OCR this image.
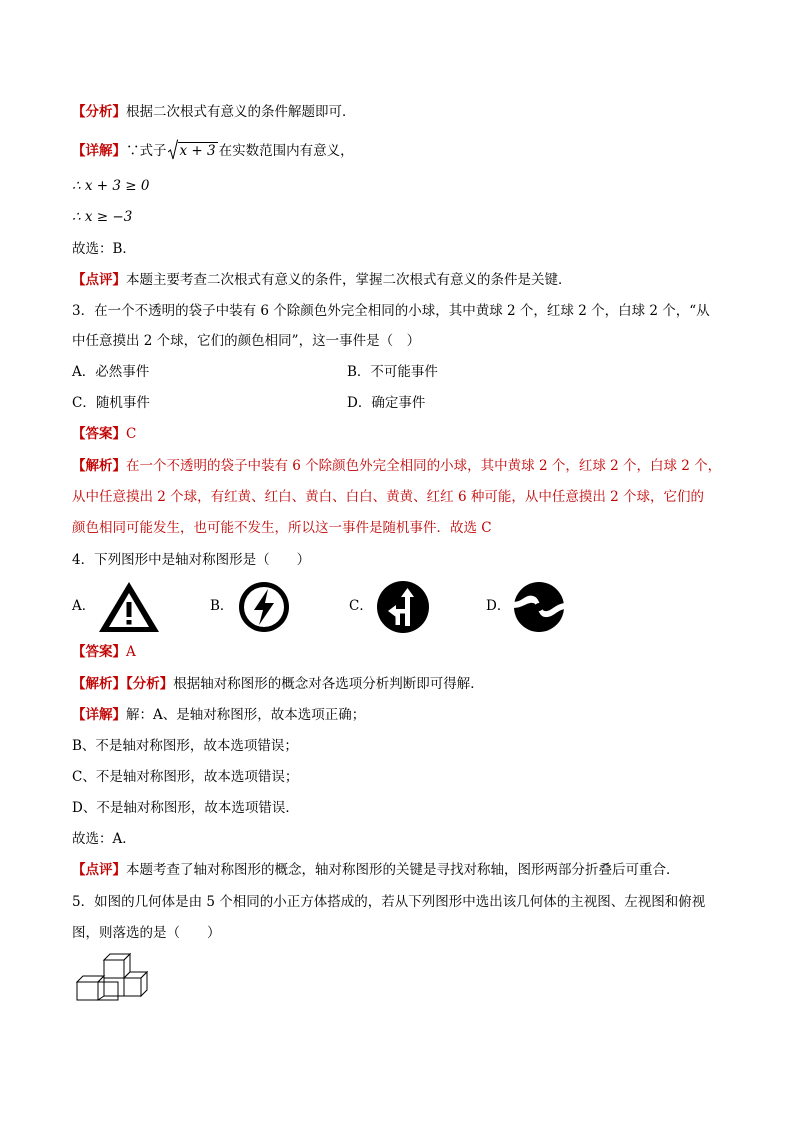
【分析】根据二次根式有意义的条件解题即可．
【详解】∵式子 x + 3 在实数范围内有意义，
∴ x + 3 ≥ 0
∴ x ≥ −3
故选：B．
【点评】本题主要考查二次根式有意义的条件，掌握二次根式有意义的条件是关键．
3．在一个不透明的袋子中装有 6 个除颜色外完全相同的小球，其中黄球 2 个，红球 2 个，白球 2 个，“从
中任意摸出 2 个球，它们的颜色相同”，这一事件是（　）
A．必然事件	B．不可能事件
C．随机事件	D．确定事件
【答案】C
【解析】在一个不透明的袋子中装有 6 个除颜色外完全相同的小球，其中黄球 2 个，红球 2 个，白球 2 个，
从中任意摸出 2 个球，有红黄、红白、黄白、白白、黄黄、红红 6 种可能，从中任意摸出 2 个球，它们的
颜色相同可能发生，也可能不发生，所以这一事件是随机事件．故选 C
4．下列图形中是轴对称图形是（　　）
A．	B．	C．	D．
【答案】A
【解析】【分析】根据轴对称图形的概念对各选项分析判断即可得解．
【详解】解：A、是轴对称图形，故本选项正确；
B、不是轴对称图形，故本选项错误；
C、不是轴对称图形，故本选项错误；
D、不是轴对称图形，故本选项错误．
故选：A．
【点评】本题考查了轴对称图形的概念，轴对称图形的关键是寻找对称轴，图形两部分折叠后可重合．
5．如图的几何体是由 5 个相同的小正方体搭成的，若从下列图形中选出该几何体的主视图、左视图和俯视
图，则落选的是（　　）
